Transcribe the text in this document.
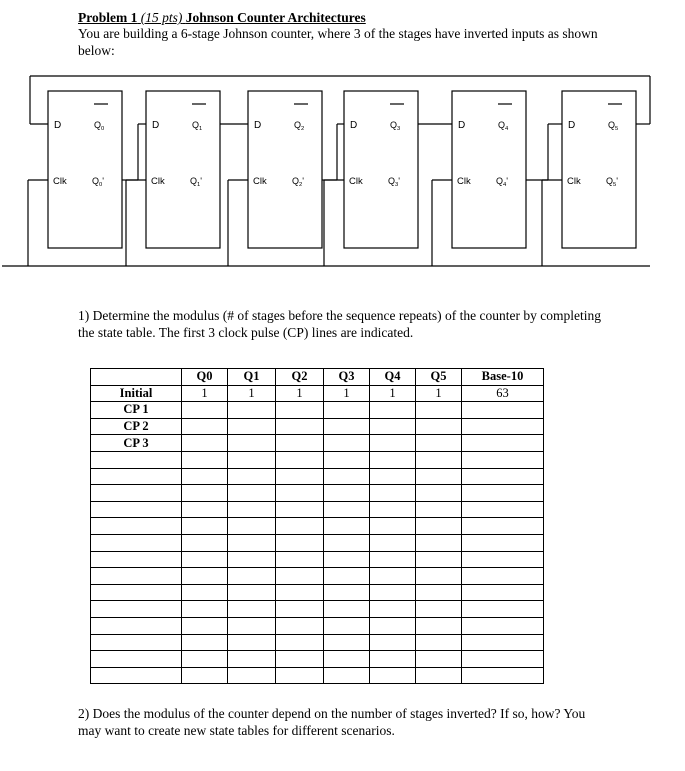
Problem 1 (15 pts) Johnson Counter Architectures
You are building a 6-stage Johnson counter, where 3 of the stages have inverted inputs as shown
below:
D	$Q_0$
Clk	$Q_0'$
D	$Q_1$
Clk	$Q_1'$
D	$Q_2$
Clk	$Q_2'$
D	$Q_3$
Clk	$Q_3'$
D	$Q_4$
Clk	$Q_4'$
D	$Q_5$
Clk	$Q_5'$
1) Determine the modulus (# of stages before the sequence repeats) of the counter by completing
the state table. The first 3 clock pulse (CP) lines are indicated.
	Q0	Q1	Q2	Q3	Q4	Q5	Base-10
Initial	1	1	1	1	1	1	63
CP 1							
CP 2							
CP 3							

2) Does the modulus of the counter depend on the number of stages inverted? If so, how? You
may want to create new state tables for different scenarios.
